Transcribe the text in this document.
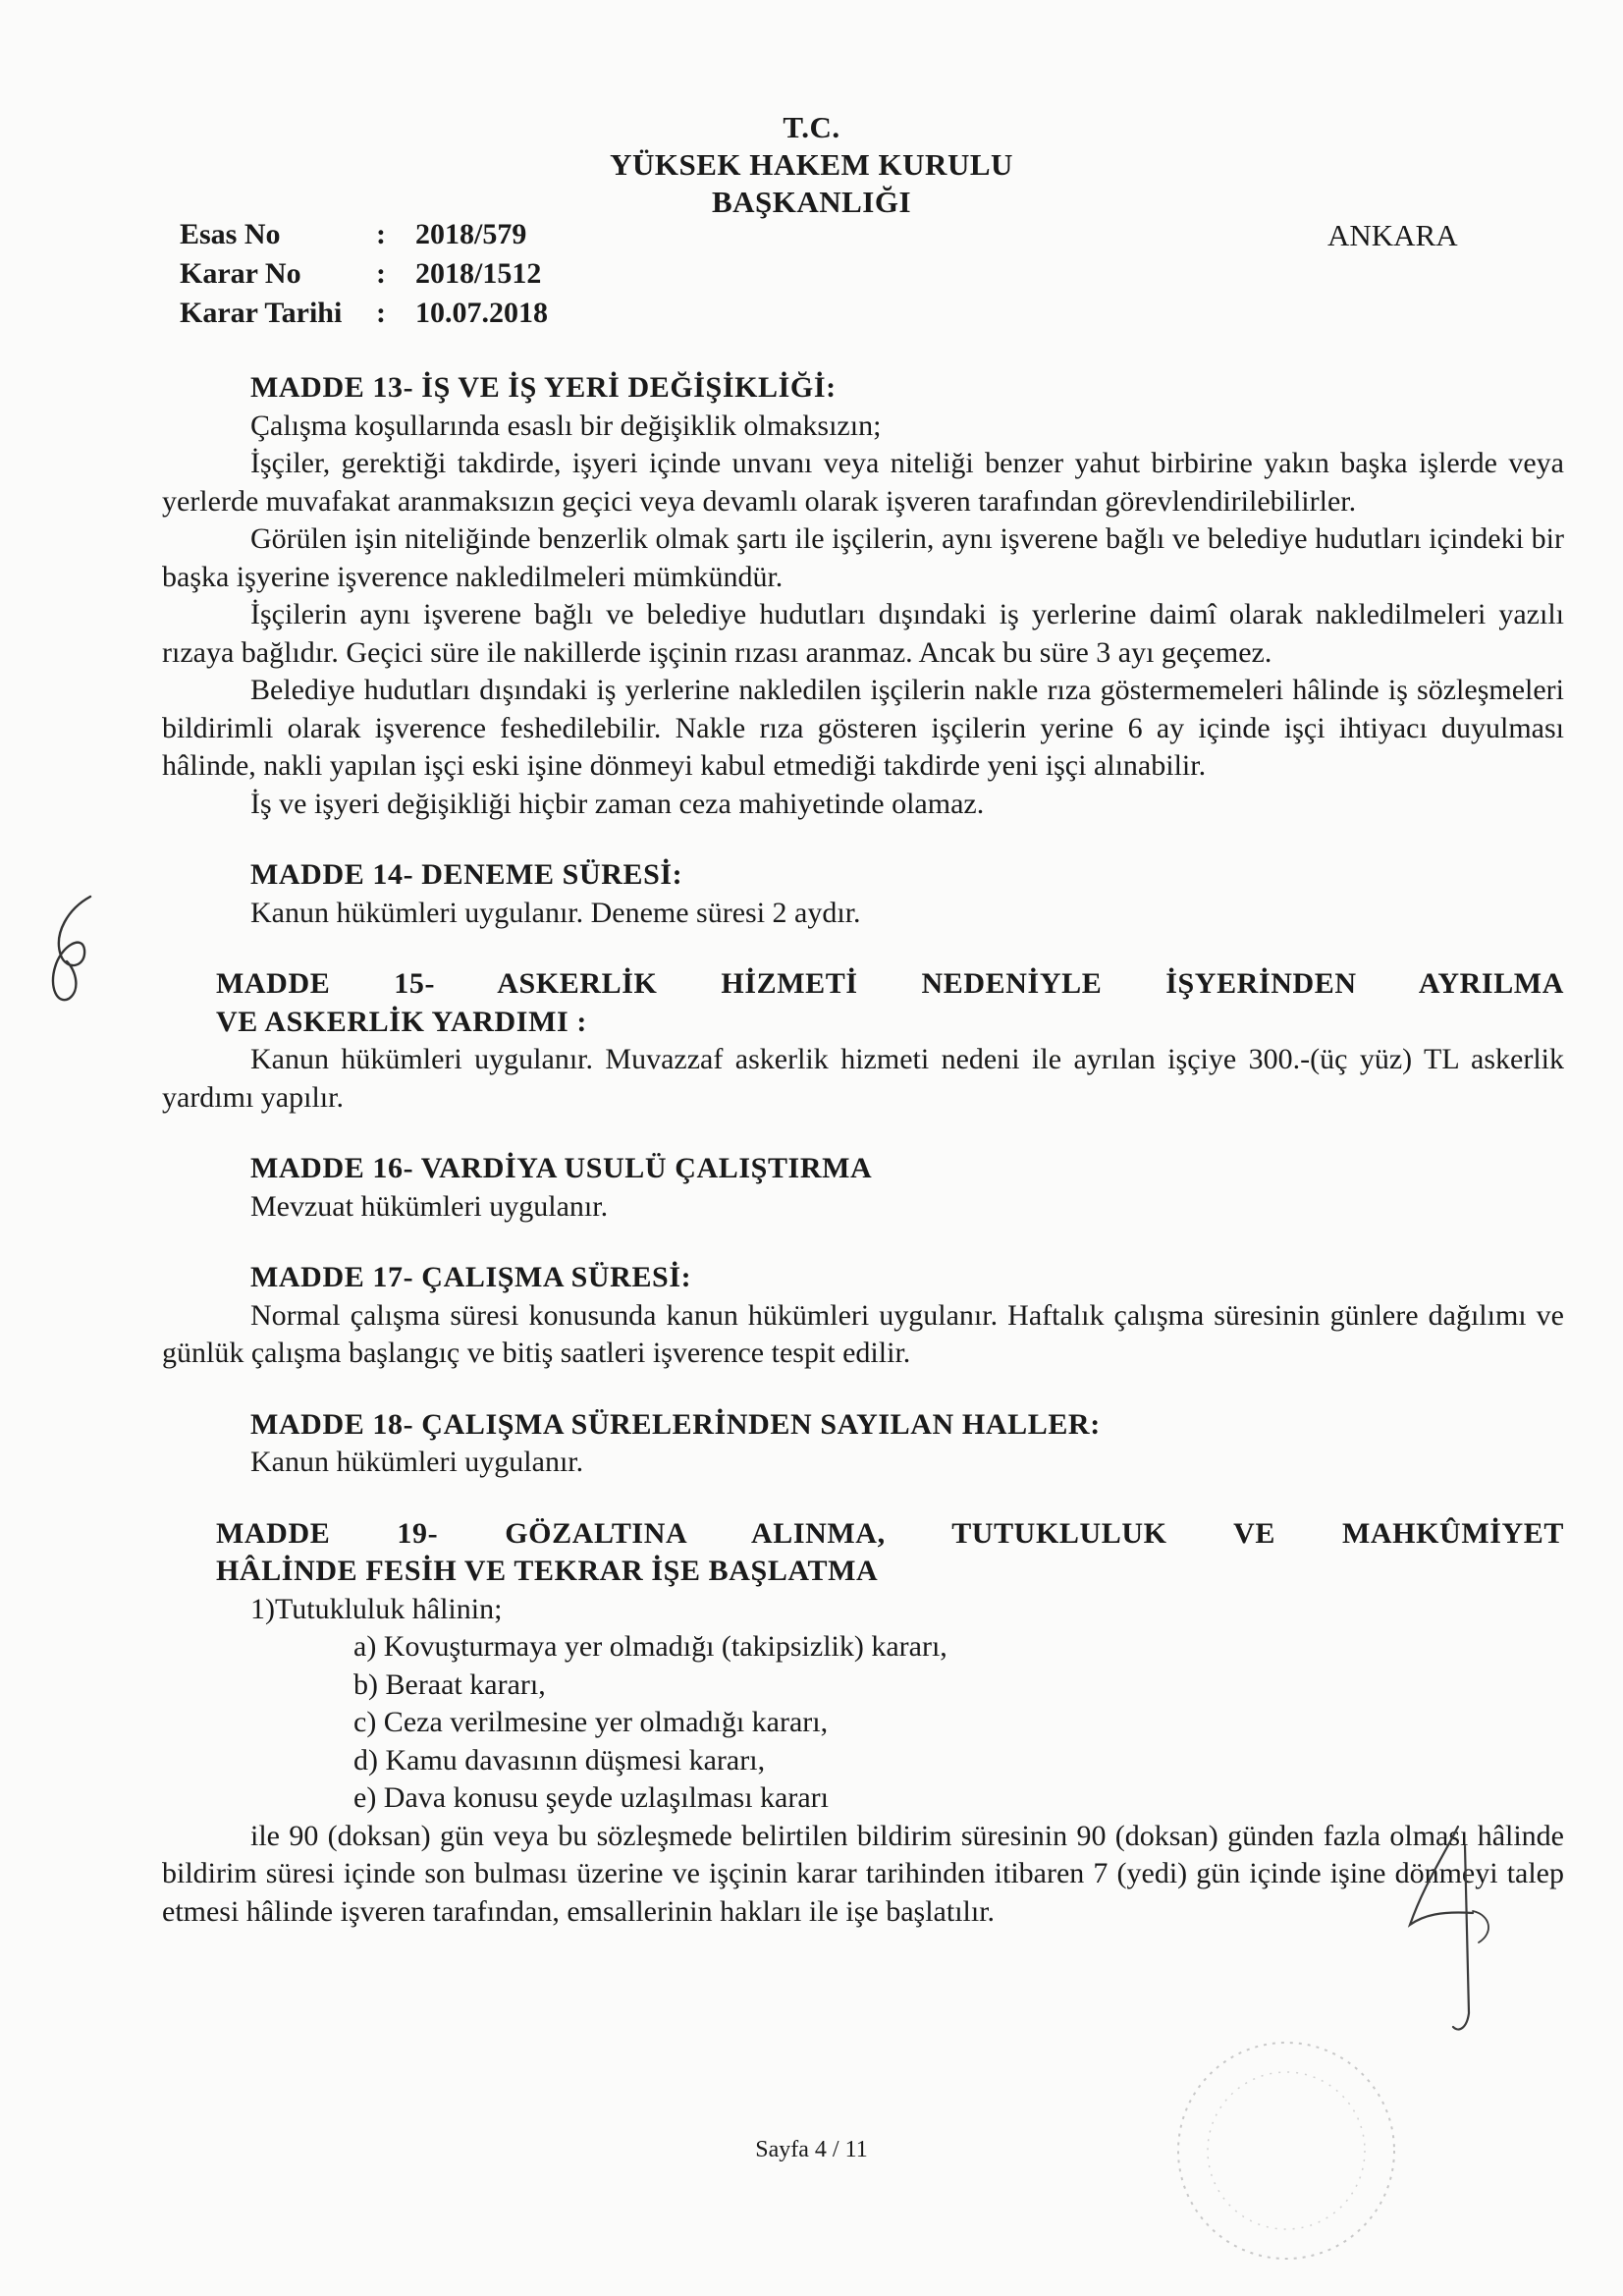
T.C.
YÜKSEK HAKEM KURULU
BAŞKANLIĞI
Esas No	:	2018/579
Karar No	:	2018/1512
Karar Tarihi	:	10.07.2018
ANKARA

MADDE 13- İŞ VE İŞ YERİ DEĞİŞİKLİĞİ:

Çalışma koşullarında esaslı bir değişiklik olmaksızın;

İşçiler, gerektiği takdirde, işyeri içinde unvanı veya niteliği benzer yahut birbirine yakın başka işlerde veya yerlerde muvafakat aranmaksızın geçici veya devamlı olarak işveren tarafından görevlendirilebilirler.

Görülen işin niteliğinde benzerlik olmak şartı ile işçilerin, aynı işverene bağlı ve belediye hudutları içindeki bir başka işyerine işverence nakledilmeleri mümkündür.

İşçilerin aynı işverene bağlı ve belediye hudutları dışındaki iş yerlerine daimî olarak nakledilmeleri yazılı rızaya bağlıdır. Geçici süre ile nakillerde işçinin rızası aranmaz. Ancak bu süre 3 ayı geçemez.

Belediye hudutları dışındaki iş yerlerine nakledilen işçilerin nakle rıza göstermemeleri hâlinde iş sözleşmeleri bildirimli olarak işverence feshedilebilir. Nakle rıza gösteren işçilerin yerine 6 ay içinde işçi ihtiyacı duyulması hâlinde, nakli yapılan işçi eski işine dönmeyi kabul etmediği takdirde yeni işçi alınabilir.

İş ve işyeri değişikliği hiçbir zaman ceza mahiyetinde olamaz.

MADDE 14- DENEME SÜRESİ:

Kanun hükümleri uygulanır. Deneme süresi 2 aydır.

MADDE 15- ASKERLİK HİZMETİ NEDENİYLE İŞYERİNDEN AYRILMA

VE ASKERLİK YARDIMI :

Kanun hükümleri uygulanır. Muvazzaf askerlik hizmeti nedeni ile ayrılan işçiye 300.-(üç yüz) TL askerlik yardımı yapılır.

MADDE 16- VARDİYA USULÜ ÇALIŞTIRMA

Mevzuat hükümleri uygulanır.

MADDE 17- ÇALIŞMA SÜRESİ:

Normal çalışma süresi konusunda kanun hükümleri uygulanır. Haftalık çalışma süresinin günlere dağılımı ve günlük çalışma başlangıç ve bitiş saatleri işverence tespit edilir.

MADDE 18- ÇALIŞMA SÜRELERİNDEN SAYILAN HALLER:

Kanun hükümleri uygulanır.

MADDE 19- GÖZALTINA ALINMA, TUTUKLULUK VE MAHKÛMİYET

HÂLİNDE FESİH VE TEKRAR İŞE BAŞLATMA

1)Tutukluluk hâlinin;

a) Kovuşturmaya yer olmadığı (takipsizlik) kararı,

b) Beraat kararı,

c) Ceza verilmesine yer olmadığı kararı,

d) Kamu davasının düşmesi kararı,

e) Dava konusu şeyde uzlaşılması kararı

ile 90 (doksan) gün veya bu sözleşmede belirtilen bildirim süresinin 90 (doksan) günden fazla olması hâlinde bildirim süresi içinde son bulması üzerine ve işçinin karar tarihinden itibaren 7 (yedi) gün içinde işine dönmeyi talep etmesi hâlinde işveren tarafından, emsallerinin hakları ile işe başlatılır.

Sayfa 4 / 11
